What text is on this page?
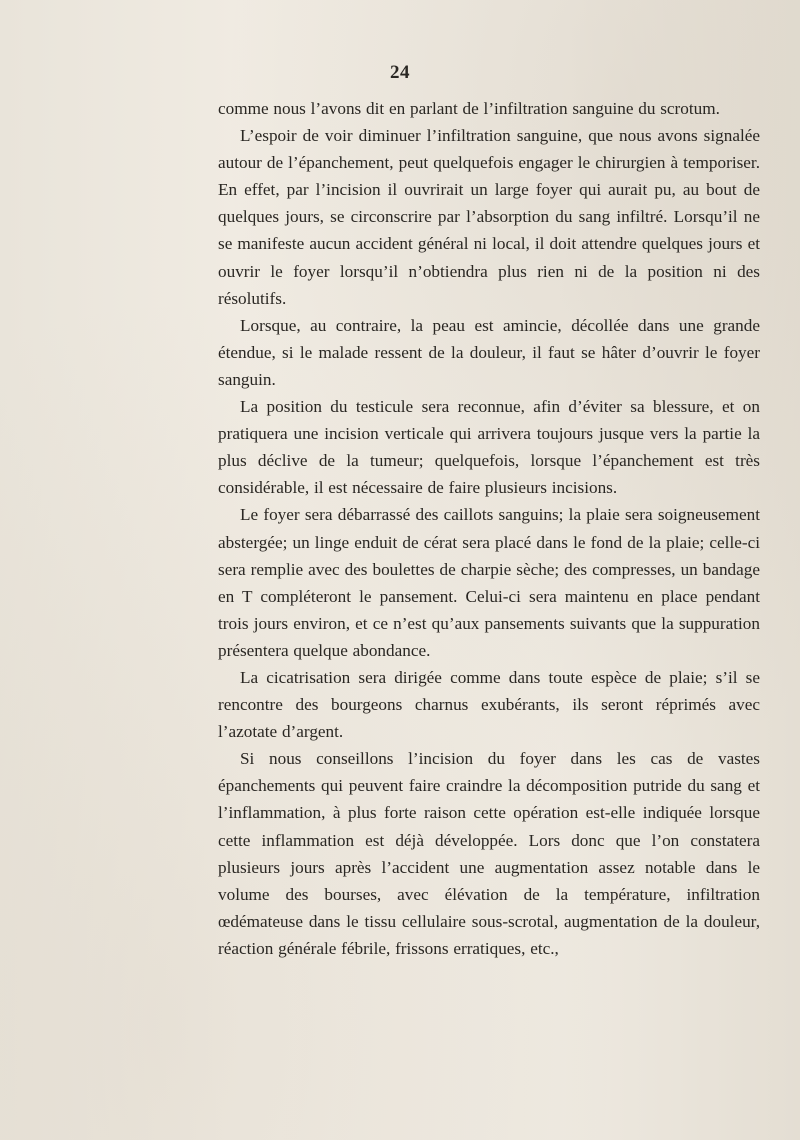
24

comme nous l’avons dit en parlant de l’infiltration sanguine du scrotum.

L’espoir de voir diminuer l’infiltration sanguine, que nous avons signalée autour de l’épanchement, peut quelquefois engager le chirurgien à temporiser. En effet, par l’incision il ouvrirait un large foyer qui aurait pu, au bout de quelques jours, se circonscrire par l’absorption du sang infiltré. Lorsqu’il ne se manifeste aucun accident général ni local, il doit attendre quelques jours et ouvrir le foyer lorsqu’il n’obtiendra plus rien ni de la position ni des résolutifs.

Lorsque, au contraire, la peau est amincie, décollée dans une grande étendue, si le malade ressent de la douleur, il faut se hâter d’ouvrir le foyer sanguin.

La position du testicule sera reconnue, afin d’éviter sa blessure, et on pratiquera une incision verticale qui arrivera toujours jusque vers la partie la plus déclive de la tumeur; quelquefois, lorsque l’épanchement est très considérable, il est nécessaire de faire plusieurs incisions.

Le foyer sera débarrassé des caillots sanguins; la plaie sera soigneusement abstergée; un linge enduit de cérat sera placé dans le fond de la plaie; celle-ci sera remplie avec des boulettes de charpie sèche; des compresses, un bandage en T compléteront le pansement. Celui-ci sera maintenu en place pendant trois jours environ, et ce n’est qu’aux pansements suivants que la suppuration présentera quelque abondance.

La cicatrisation sera dirigée comme dans toute espèce de plaie; s’il se rencontre des bourgeons charnus exubérants, ils seront réprimés avec l’azotate d’argent.

Si nous conseillons l’incision du foyer dans les cas de vastes épanchements qui peuvent faire craindre la décomposition putride du sang et l’inflammation, à plus forte raison cette opération est-elle indiquée lorsque cette inflammation est déjà développée. Lors donc que l’on constatera plusieurs jours après l’accident une augmentation assez notable dans le volume des bourses, avec élévation de la température, infiltration œdémateuse dans le tissu cellulaire sous-scrotal, augmentation de la douleur, réaction générale fébrile, frissons erratiques, etc.,
